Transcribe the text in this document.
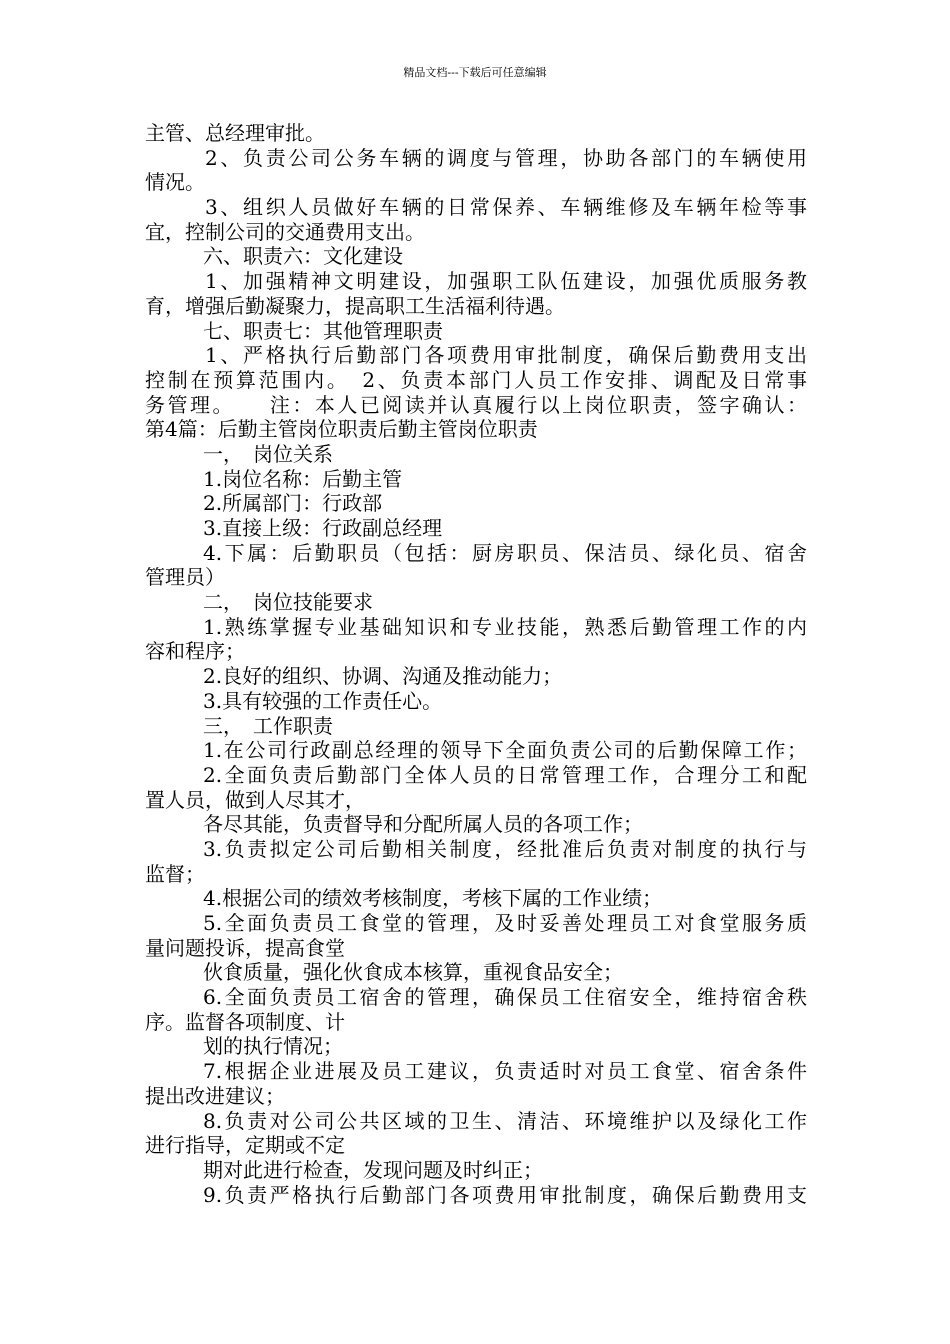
精品文档---下载后可任意编辑
主管、总经理审批。
2、负责公司公务车辆的调度与管理，协助各部门的车辆使用
情况。
3、组织人员做好车辆的日常保养、车辆维修及车辆年检等事
宜，控制公司的交通费用支出。
六、职责六：文化建设
1、加强精神文明建设，加强职工队伍建设，加强优质服务教
育，增强后勤凝聚力，提高职工生活福利待遇。
七、职责七：其他管理职责
1、严格执行后勤部门各项费用审批制度，确保后勤费用支出
控制在预算范围内。　2、负责本部门人员工作安排、调配及日常事
务管理。　　注：本人已阅读并认真履行以上岗位职责，签字确认：
第4篇：后勤主管岗位职责后勤主管岗位职责
一，　岗位关系
1.岗位名称：后勤主管
2.所属部门：行政部
3.直接上级：行政副总经理
4.下属：后勤职员（包括：厨房职员、保洁员、绿化员、宿舍
管理员）
二，　岗位技能要求
1.熟练掌握专业基础知识和专业技能，熟悉后勤管理工作的内
容和程序；
2.良好的组织、协调、沟通及推动能力；
3.具有较强的工作责任心。
三，　工作职责
1.在公司行政副总经理的领导下全面负责公司的后勤保障工作；
2.全面负责后勤部门全体人员的日常管理工作，合理分工和配
置人员，做到人尽其才，
各尽其能，负责督导和分配所属人员的各项工作；
3.负责拟定公司后勤相关制度，经批准后负责对制度的执行与
监督；
4.根据公司的绩效考核制度，考核下属的工作业绩；
5.全面负责员工食堂的管理，及时妥善处理员工对食堂服务质
量问题投诉，提高食堂
伙食质量，强化伙食成本核算，重视食品安全；
6.全面负责员工宿舍的管理，确保员工住宿安全，维持宿舍秩
序。监督各项制度、计
划的执行情况；
7.根据企业进展及员工建议，负责适时对员工食堂、宿舍条件
提出改进建议；
8.负责对公司公共区域的卫生、清洁、环境维护以及绿化工作
进行指导，定期或不定
期对此进行检查，发现问题及时纠正；
9.负责严格执行后勤部门各项费用审批制度，确保后勤费用支
